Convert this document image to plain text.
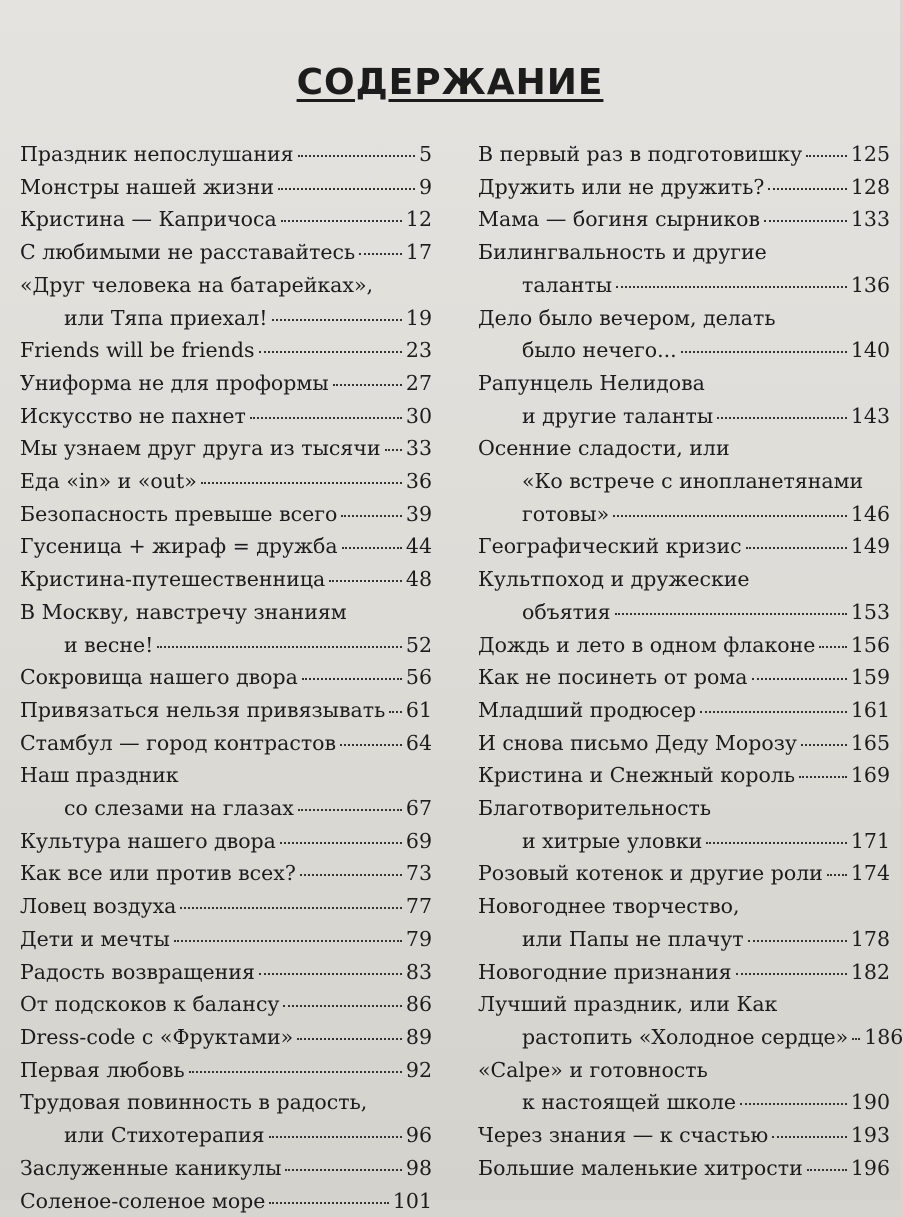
СОДЕРЖАНИЕ
Праздник непослушания	5
Монстры нашей жизни	9
Кристина — Капричоса	12
С любимыми не расставайтесь 17
«Друг человека на батарейках»,
или Тяпа приехал!	19
Friends will be friends	23
Униформа не для проформы	27
Искусство не пахнет	30
Мы узнаем друг друга из тысячи 33
Еда «in» и «out»	36
Безопасность превыше всего	39
Гусеница + жираф = дружба	44
Кристина-путешественница	48
В Москву, навстречу знаниям
и весне!	52
Сокровища нашего двора	56
Привязаться нельзя привязывать 61
Стамбул — город контрастов	64
Наш праздник
со слезами на глазах	67
Культура нашего двора	69
Как все или против всех?	73
Ловец воздуха	77
Дети и мечты	79
Радость возвращения	83
От подскоков к балансу	86
Dress-code с «Фруктами»	89
Первая любовь	92
Трудовая повинность в радость,
или Стихотерапия	96
Заслуженные каникулы	98
Соленое-соленое море	101
В первый раз в подготовишку 125
Дружить или не дружить?	128
Мама — богиня сырников	133
Билингвальность и другие
таланты	136
Дело было вечером, делать
было нечего...	140
Рапунцель Нелидова
и другие таланты	143
Осенние сладости, или
«Ко встрече с инопланетянами
готовы»	146
Географический кризис	149
Культпоход и дружеские
объятия	153
Дождь и лето в одном флаконе 156
Как не посинеть от рома	159
Младший продюсер	161
И снова письмо Деду Морозу	165
Кристина и Снежный король	169
Благотворительность
и хитрые уловки	171
Розовый котенок и другие роли 174
Новогоднее творчество,
или Папы не плачут	178
Новогодние признания	182
Лучший праздник, или Как
растопить «Холодное сердце» 186
«Calpe» и готовность
к настоящей школе	190
Через знания — к счастью	193
Большие маленькие хитрости 196
